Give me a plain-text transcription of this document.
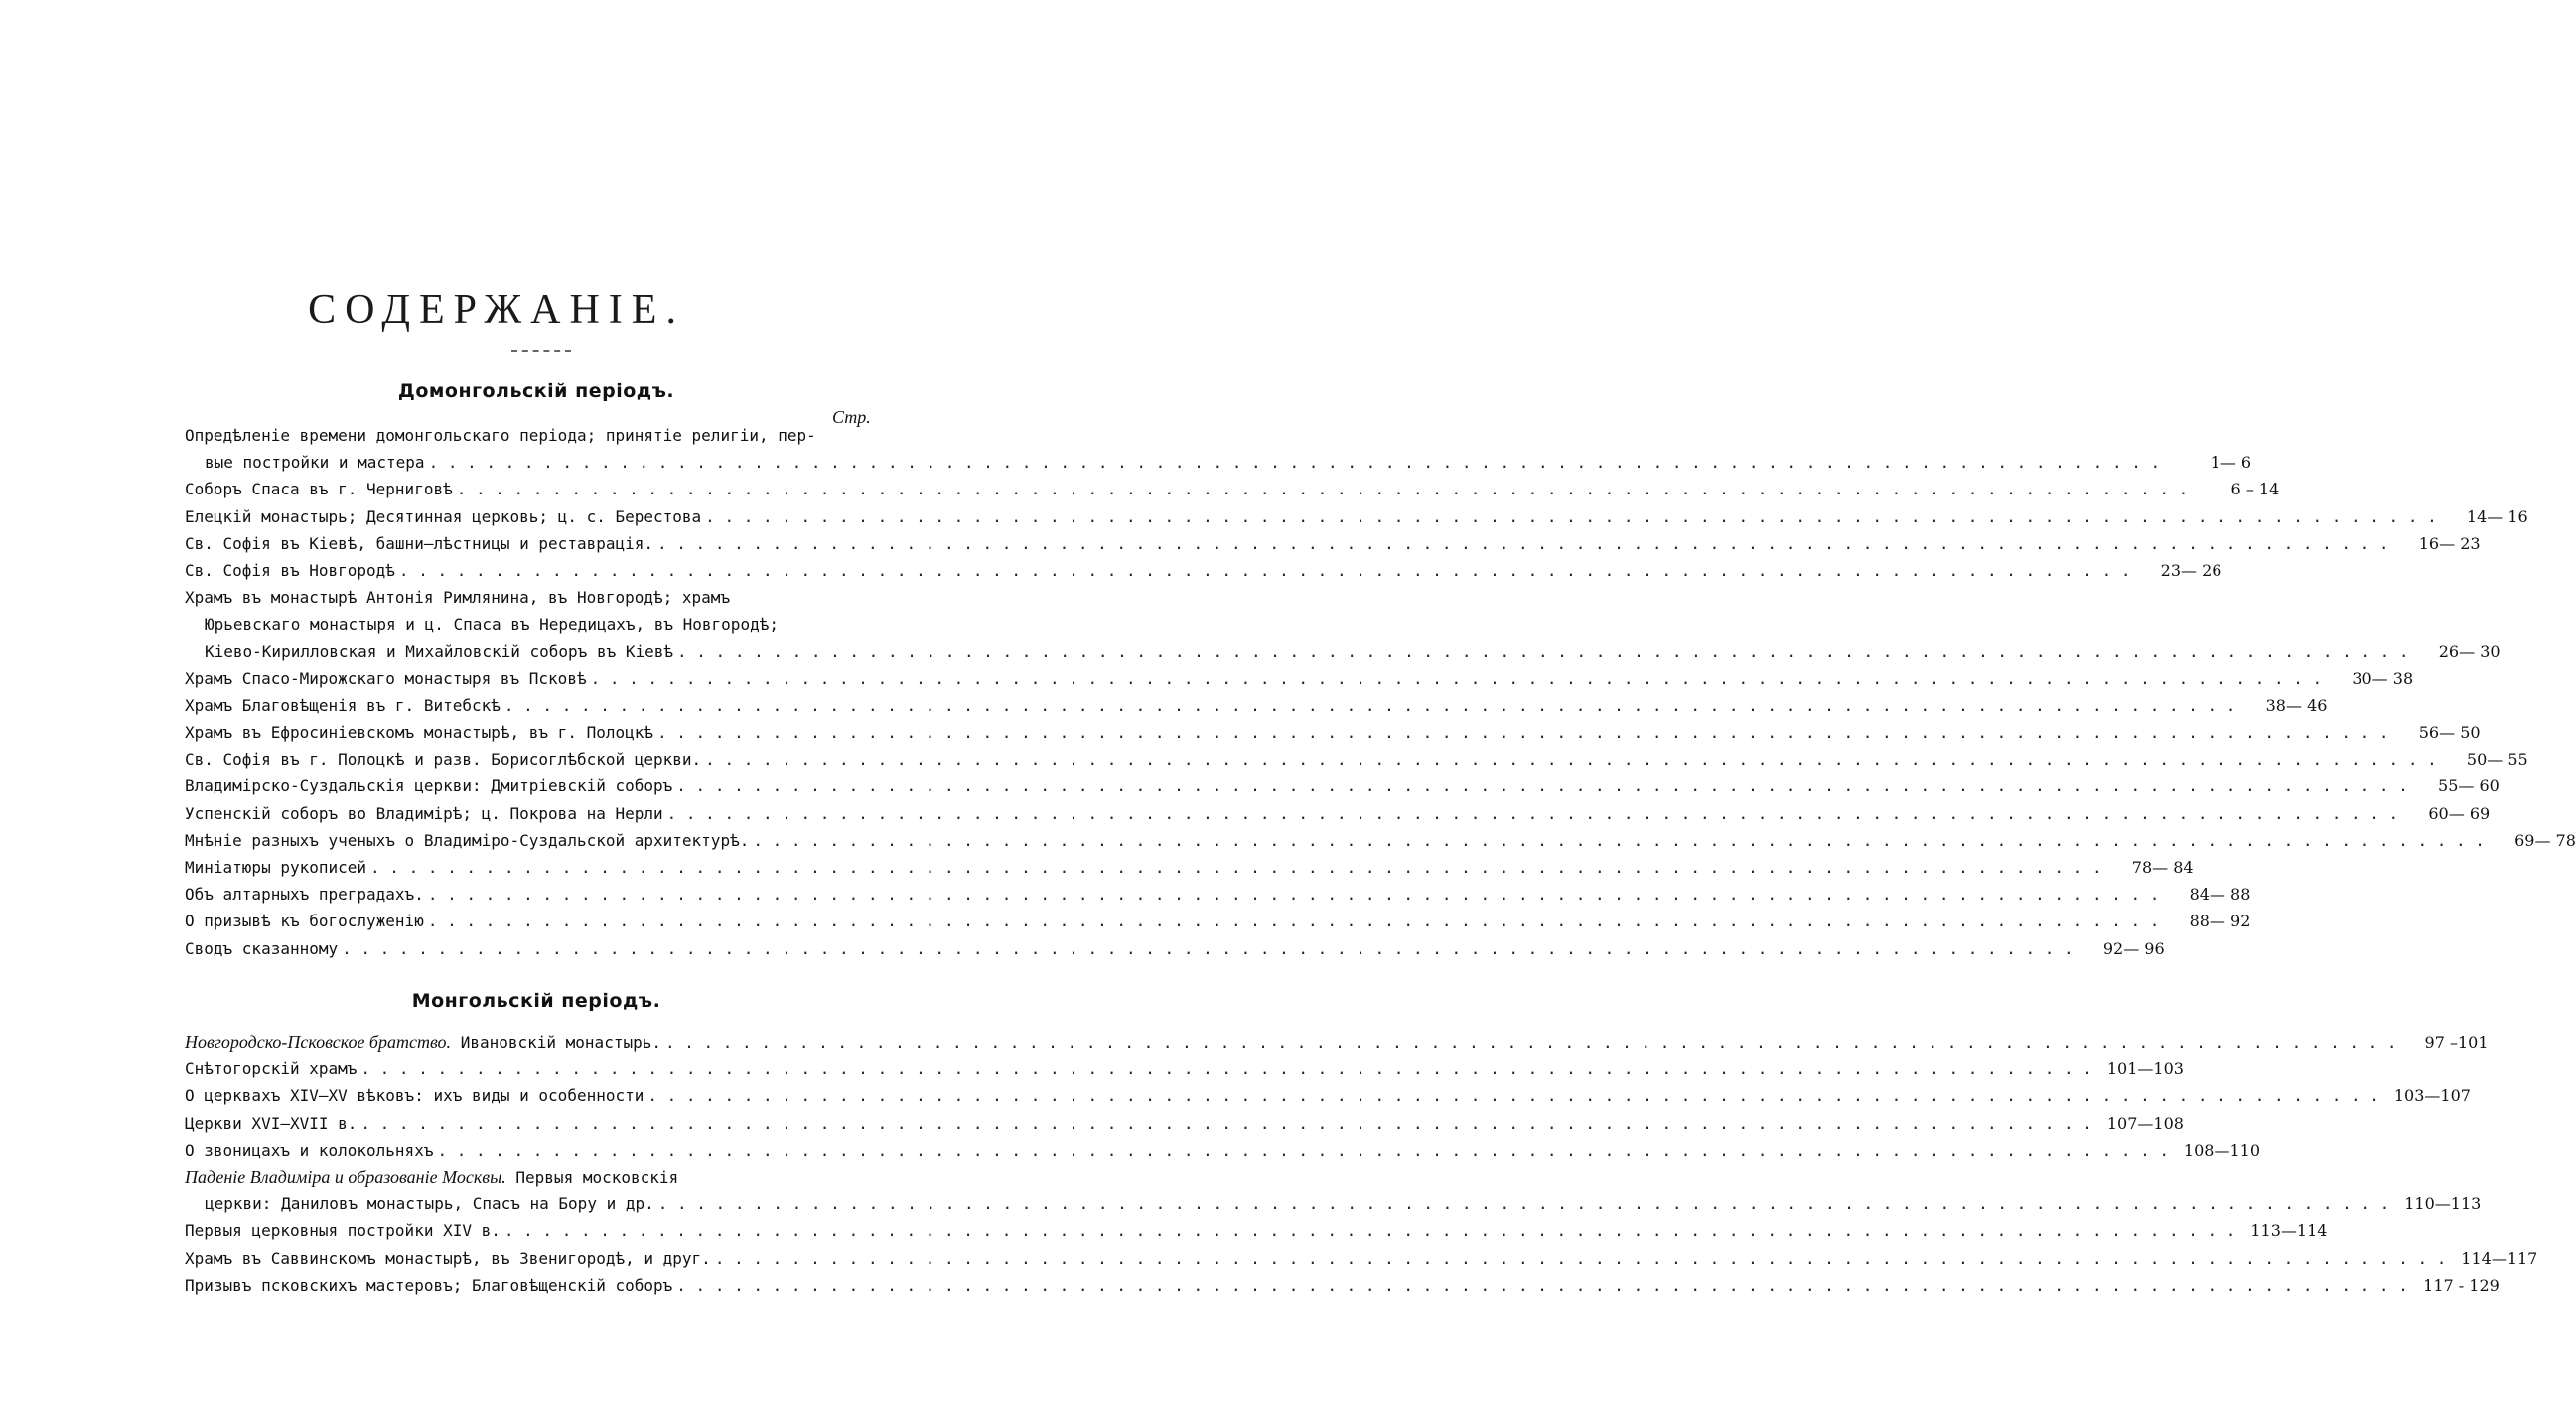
СОДЕРЖАНІЕ.
Домонгольскій періодъ.
Стр.
Опредѣленіе времени домонгольскаго періода; принятіе религіи, пер-
вые постройки и мастера . . .	1— 6
Соборъ Спаса въ г. Черниговѣ . . .	6 – 14
Елецкій монастырь; Десятинная церковь; ц. с. Берестова . . .	14— 16
Св. Софія въ Кіевѣ, башни—лѣстницы и реставрація. . . .	16— 23
Св. Софія въ Новгородѣ . . .	23— 26
Храмъ въ монастырѣ Антонія Римлянина, въ Новгородѣ; храмъ
Юрьевскаго монастыря и ц. Спаса въ Нередицахъ, въ Новгородѣ;
Кіево-Кирилловская и Михайловскій соборъ въ Кіевѣ . . .	26— 30
Храмъ Спасо-Мирожскаго монастыря въ Псковѣ . . .	30— 38
Храмъ Благовѣщенія въ г. Витебскѣ . . .	38— 46
Храмъ въ Ефросиніевскомъ монастырѣ, въ г. Полоцкѣ . . .	56— 50
Св. Софія въ г. Полоцкѣ и разв. Борисоглѣбской церкви. . . .	50— 55
Владимірско-Суздальскія церкви: Дмитріевскій соборъ . . .	55— 60
Успенскій соборъ во Владимірѣ; ц. Покрова на Нерли . . .	60— 69
Мнѣніе разныхъ ученыхъ о Владиміро-Суздальской архитектурѣ. . . .	69— 78
Миніатюры рукописей . . .	78— 84
Объ алтарныхъ преградахъ. . . .	84— 88
О призывѣ къ богослуженію . . .	88— 92
Сводъ сказанному . . .	92— 96
Монгольскій періодъ.
Новгородско-Псковское братство. Ивановскій монастырь. . . .	97 –101
Снѣтогорскій храмъ . . .	101—103
О церквахъ XIV—XV вѣковъ: ихъ виды и особенности . . .	103—107
Церкви XVI—XVII в. . . .	107—108
О звоницахъ и колокольняхъ . . .	108—110
Паденіе Владиміра и образованіе Москвы. Первыя московскія
церкви: Даниловъ монастырь, Спасъ на Бору и др. . . .	110—113
Первыя церковныя постройки XIV в. . . .	113—114
Храмъ въ Саввинскомъ монастырѣ, въ Звенигородѣ, и друг. . . .	114—117
Призывъ псковскихъ мастеровъ; Благовѣщенскій соборъ . . .	117 - 129
